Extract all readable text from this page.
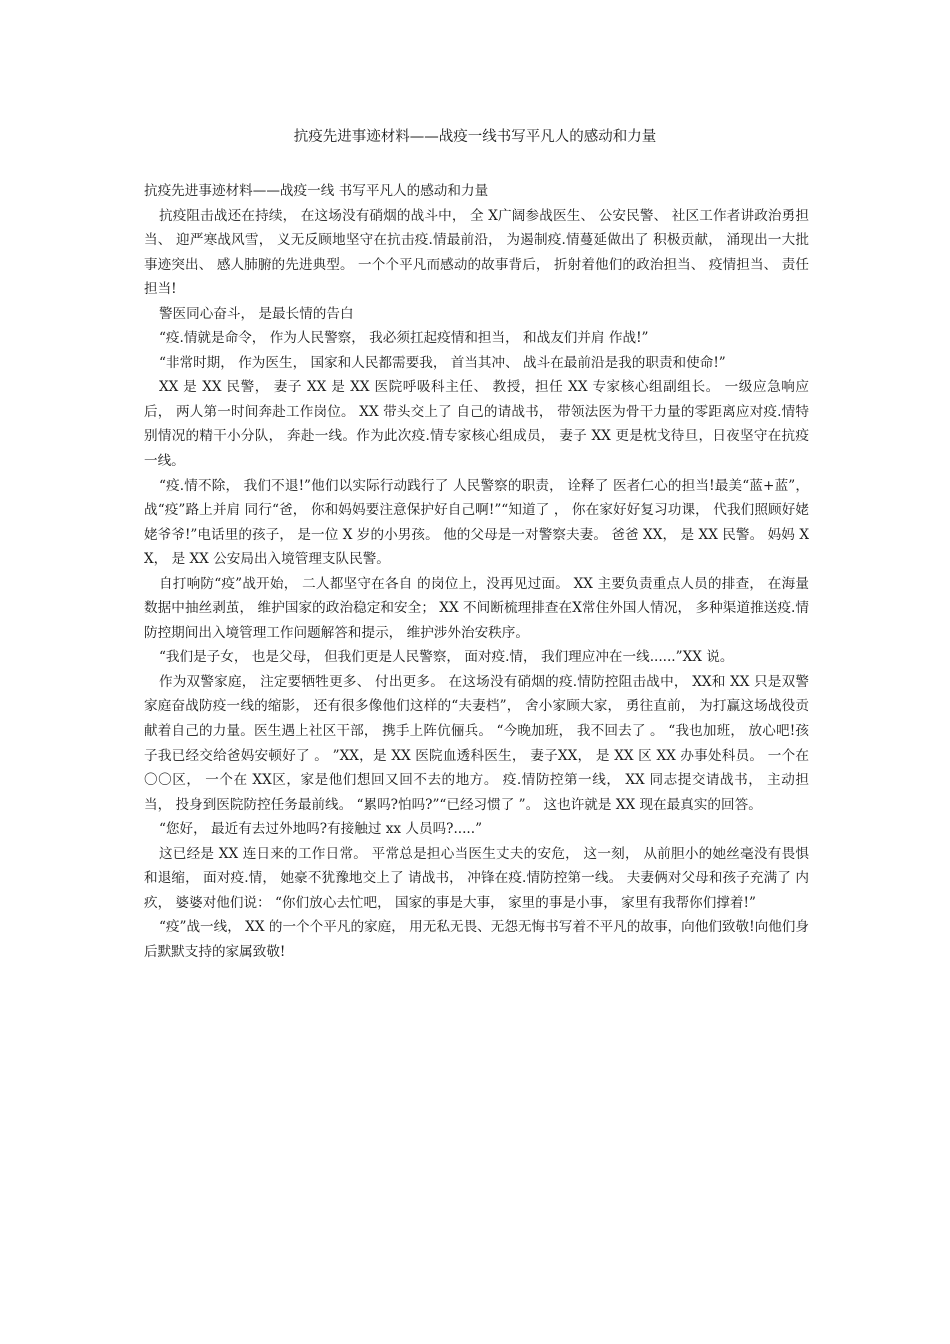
抗疫先进事迹材料——战疫一线书写平凡人的感动和力量

抗疫先进事迹材料——战疫一线 书写平凡人的感动和力量

抗疫阻击战还在持续， 在这场没有硝烟的战斗中， 全 X广阔参战医生、 公安民警、 社区工作者讲政治勇担当、 迎严寒战风雪， 义无反顾地坚守在抗击疫.情最前沿， 为遏制疫.情蔓延做出了 积极贡献， 涌现出一大批事迹突出、 感人肺腑的先进典型。 一个个平凡而感动的故事背后， 折射着他们的政治担当、 疫情担当、 责任担当!

警医同心奋斗， 是最长情的告白

“疫.情就是命令， 作为人民警察， 我必须扛起疫情和担当， 和战友们并肩 作战!”

“非常时期， 作为医生， 国家和人民都需要我， 首当其冲、 战斗在最前沿是我的职责和使命!”

XX 是 XX 民警， 妻子 XX 是 XX 医院呼吸科主任、 教授，担任 XX 专家核心组副组长。 一级应急响应后， 两人第一时间奔赴工作岗位。 XX 带头交上了 自己的请战书， 带领法医为骨干力量的零距离应对疫.情特别情况的精干小分队， 奔赴一线。作为此次疫.情专家核心组成员， 妻子 XX 更是枕戈待旦，日夜坚守在抗疫一线。

“疫.情不除， 我们不退!”他们以实际行动践行了 人民警察的职责， 诠释了 医者仁心的担当!最美“蓝+蓝”， 战“疫”路上并肩 同行“爸， 你和妈妈要注意保护好自己啊!”“知道了 ， 你在家好好复习功课， 代我们照顾好姥姥爷爷!”电话里的孩子， 是一位 X 岁的小男孩。 他的父母是一对警察夫妻。 爸爸 XX， 是 XX 民警。 妈妈 XX， 是 XX 公安局出入境管理支队民警。

自打响防“疫”战开始， 二人都坚守在各自 的岗位上，没再见过面。 XX 主要负责重点人员的排查， 在海量数据中抽丝剥茧， 维护国家的政治稳定和安全； XX 不间断梳理排查在X常住外国人情况， 多种渠道推送疫.情防控期间出入境管理工作问题解答和提示， 维护涉外治安秩序。

“我们是子女， 也是父母， 但我们更是人民警察， 面对疫.情， 我们理应冲在一线......”XX 说。

作为双警家庭， 注定要牺牲更多、 付出更多。 在这场没有硝烟的疫.情防控阻击战中， XX和 XX 只是双警家庭奋战防疫一线的缩影， 还有很多像他们这样的“夫妻档”， 舍小家顾大家， 勇往直前， 为打赢这场战役贡献着自己的力量。医生遇上社区干部， 携手上阵伉俪兵。 “今晚加班， 我不回去了 。 “我也加班， 放心吧!孩子我已经交给爸妈安顿好了 。 ”XX，是 XX 医院血透科医生， 妻子XX， 是 XX 区 XX 办事处科员。 一个在〇〇区， 一个在 XX区，家是他们想回又回不去的地方。 疫.情防控第一线， XX 同志提交请战书， 主动担当， 投身到医院防控任务最前线。 “累吗?怕吗?”“已经习惯了 ”。 这也许就是 XX 现在最真实的回答。

“您好， 最近有去过外地吗?有接触过 xx 人员吗?.....”

这已经是 XX 连日来的工作日常。 平常总是担心当医生丈夫的安危， 这一刻， 从前胆小的她丝毫没有畏惧和退缩， 面对疫.情， 她豪不犹豫地交上了 请战书， 冲锋在疫.情防控第一线。 夫妻俩对父母和孩子充满了 内疚， 婆婆对他们说： “你们放心去忙吧， 国家的事是大事， 家里的事是小事， 家里有我帮你们撑着!”

“疫”战一线， XX 的一个个平凡的家庭， 用无私无畏、无怨无悔书写着不平凡的故事，向他们致敬!向他们身后默默支持的家属致敬!
